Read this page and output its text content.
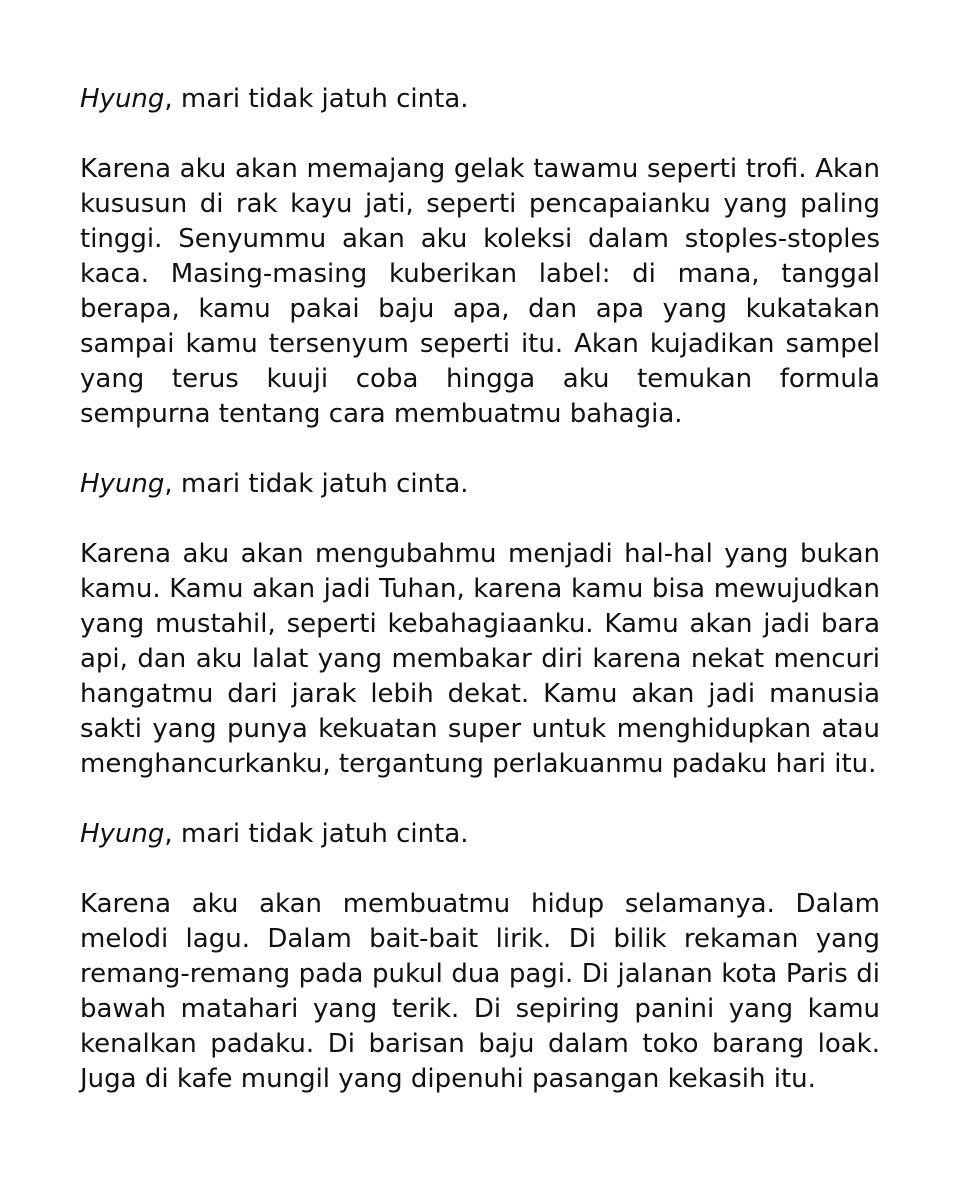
Hyung, mari tidak jatuh cinta.

Karena aku akan memajang gelak tawamu seperti trofi. Akan kususun di rak kayu jati, seperti pencapaianku yang paling tinggi. Senyummu akan aku koleksi dalam stoples-stoples kaca. Masing-masing kuberikan label: di mana, tanggal berapa, kamu pakai baju apa, dan apa yang kukatakan sampai kamu tersenyum seperti itu. Akan kujadikan sampel yang terus kuuji coba hingga aku temukan formula sempurna tentang cara membuatmu bahagia.

Hyung, mari tidak jatuh cinta.

Karena aku akan mengubahmu menjadi hal-hal yang bukan kamu. Kamu akan jadi Tuhan, karena kamu bisa mewujudkan yang mustahil, seperti kebahagiaanku. Kamu akan jadi bara api, dan aku lalat yang membakar diri karena nekat mencuri hangatmu dari jarak lebih dekat. Kamu akan jadi manusia sakti yang punya kekuatan super untuk menghidupkan atau menghancurkanku, tergantung perlakuanmu padaku hari itu.

Hyung, mari tidak jatuh cinta.

Karena aku akan membuatmu hidup selamanya. Dalam melodi lagu. Dalam bait-bait lirik. Di bilik rekaman yang remang-remang pada pukul dua pagi. Di jalanan kota Paris di bawah matahari yang terik. Di sepiring panini yang kamu kenalkan padaku. Di barisan baju dalam toko barang loak. Juga di kafe mungil yang dipenuhi pasangan kekasih itu.
